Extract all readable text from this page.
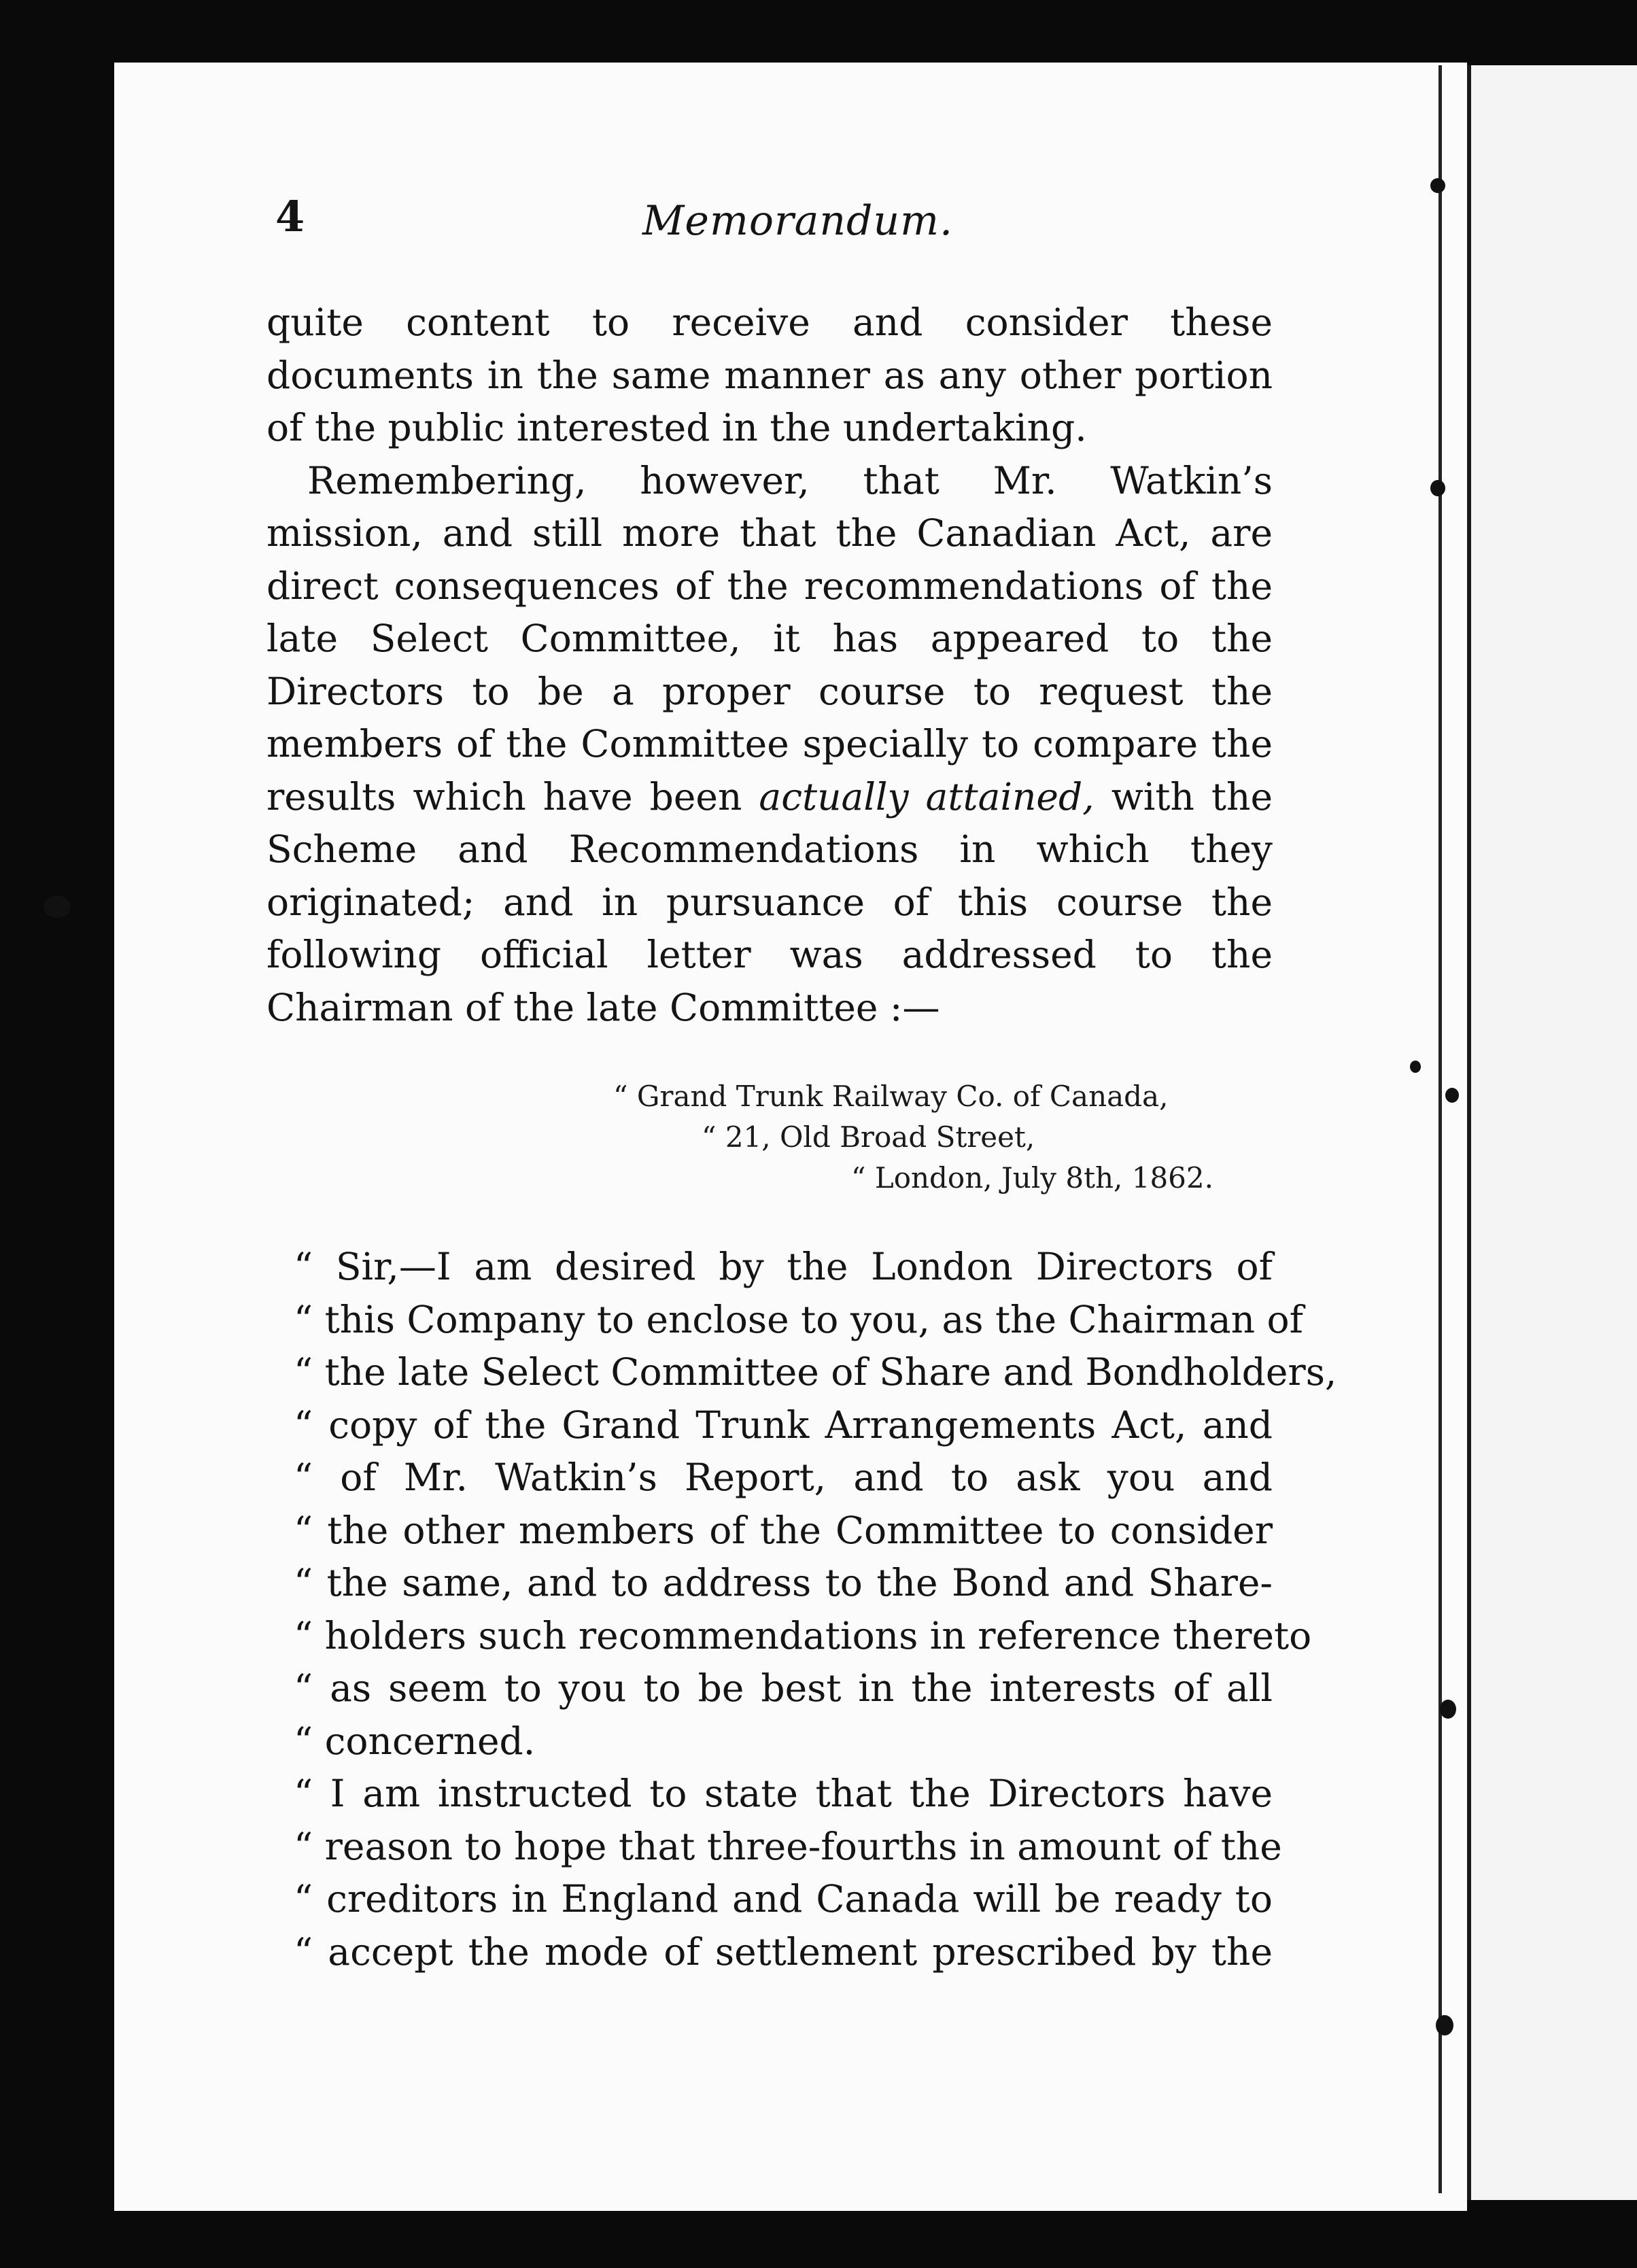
4	Memorandum.

quite content to receive and consider these documents in the same manner as any other portion of the public interested in the undertaking.

Remembering, however, that Mr. Watkin’s mission, and still more that the Canadian Act, are direct consequences of the recommendations of the late Select Committee, it has appeared to the Directors to be a proper course to request the members of the Committee specially to compare the results which have been actually attained, with the Scheme and Recommendations in which they originated; and in pursuance of this course the following official letter was addressed to the Chairman of the late Committee :—

“ Grand Trunk Railway Co. of Canada,
“ 21, Old Broad Street,
“ London, July 8th, 1862.

“ Sir,—I am desired by the London Directors of
“ this Company to enclose to you, as the Chairman of
“ the late Select Committee of Share and Bondholders,
“ copy of the Grand Trunk Arrangements Act, and
“ of Mr. Watkin’s Report, and to ask you and
“ the other members of the Committee to consider
“ the same, and to address to the Bond and Share-
“ holders such recommendations in reference thereto
“ as seem to you to be best in the interests of all
“ concerned.

“ I am instructed to state that the Directors have
“ reason to hope that three-fourths in amount of the
“ creditors in England and Canada will be ready to
“ accept the mode of settlement prescribed by the
